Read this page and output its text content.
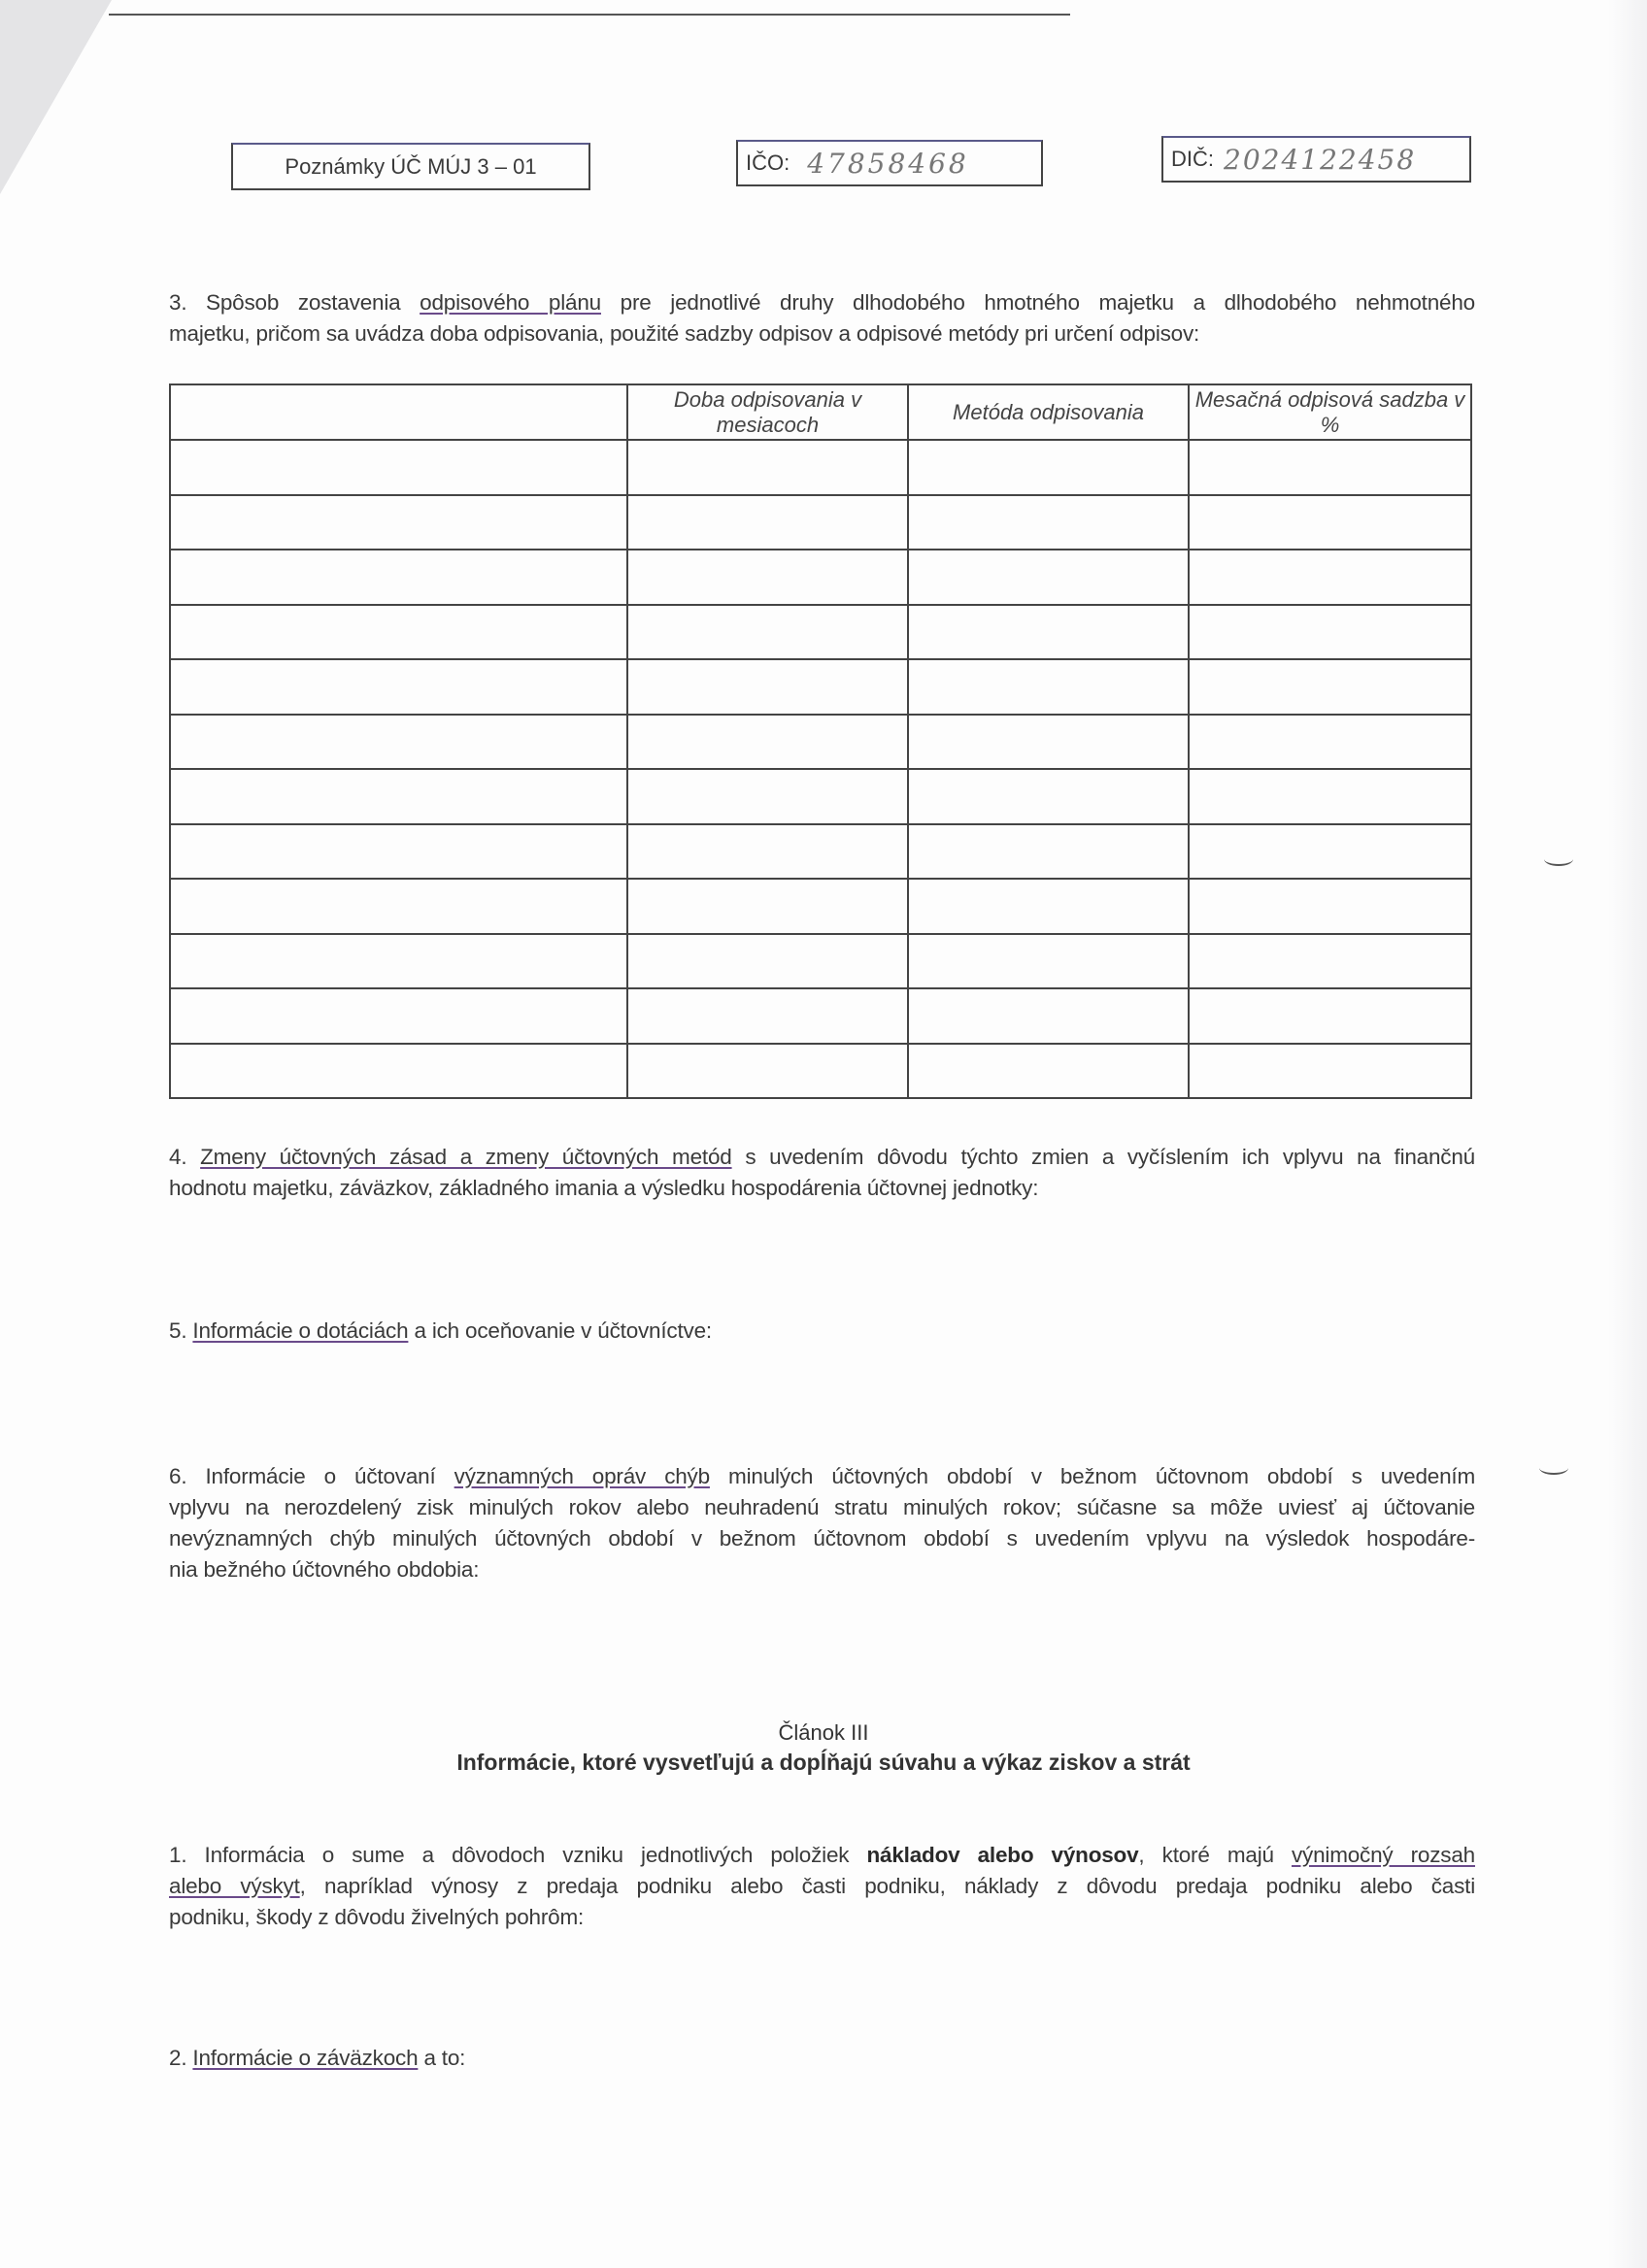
Poznámky ÚČ MÚJ 3 – 01	IČO: 47858468	DIČ: 2024122458
3. Spôsob zostavenia odpisového plánu pre jednotlivé druhy dlhodobého hmotného majetku a dlhodobého nehmotného
majetku, pričom sa uvádza doba odpisovania, použité sadzby odpisov a odpisové metódy pri určení odpisov:
	Doba odpisovania v mesiacoch	Metóda odpisovania	Mesačná odpisová sadzba v %

4. Zmeny účtovných zásad a zmeny účtovných metód s uvedením dôvodu týchto zmien a vyčíslením ich vplyvu na finančnú
hodnotu majetku, záväzkov, základného imania a výsledku hospodárenia účtovnej jednotky:
5. Informácie o dotáciách a ich oceňovanie v účtovníctve:
6. Informácie o účtovaní významných opráv chýb minulých účtovných období v bežnom účtovnom období s uvedením
vplyvu na nerozdelený zisk minulých rokov alebo neuhradenú stratu minulých rokov; súčasne sa môže uviesť aj účtovanie
nevýznamných chýb minulých účtovných období v bežnom účtovnom období s uvedením vplyvu na výsledok hospodáre-
nia bežného účtovného obdobia:
Článok III
Informácie, ktoré vysvetľujú a dopĺňajú súvahu a výkaz ziskov a strát
1. Informácia o sume a dôvodoch vzniku jednotlivých položiek nákladov alebo výnosov, ktoré majú výnimočný rozsah
alebo výskyt, napríklad výnosy z predaja podniku alebo časti podniku, náklady z dôvodu predaja podniku alebo časti
podniku, škody z dôvodu živelných pohrôm:
2. Informácie o záväzkoch a to:
